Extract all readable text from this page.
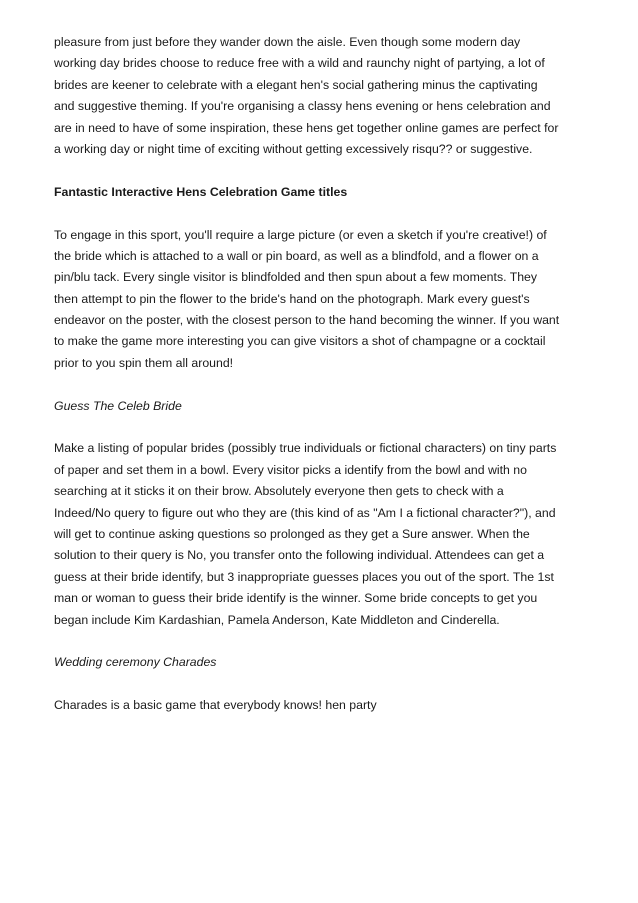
pleasure from just before they wander down the aisle. Even though some modern day
working day brides choose to reduce free with a wild and raunchy night of partying, a lot of
brides are keener to celebrate with a elegant hen's social gathering minus the captivating
and suggestive theming. If you're organising a classy hens evening or hens celebration and
are in need to have of some inspiration, these hens get together online games are perfect for
a working day or night time of exciting without getting excessively risqu?? or suggestive.
Fantastic Interactive Hens Celebration Game titles
To engage in this sport, you'll require a large picture (or even a sketch if you're creative!) of
the bride which is attached to a wall or pin board, as well as a blindfold, and a flower on a
pin/blu tack. Every single visitor is blindfolded and then spun about a few moments. They
then attempt to pin the flower to the bride's hand on the photograph. Mark every guest's
endeavor on the poster, with the closest person to the hand becoming the winner. If you want
to make the game more interesting you can give visitors a shot of champagne or a cocktail
prior to you spin them all around!
Guess The Celeb Bride
Make a listing of popular brides (possibly true individuals or fictional characters) on tiny parts
of paper and set them in a bowl. Every visitor picks a identify from the bowl and with no
searching at it sticks it on their brow. Absolutely everyone then gets to check with a
Indeed/No query to figure out who they are (this kind of as "Am I a fictional character?"), and
will get to continue asking questions so prolonged as they get a Sure answer. When the
solution to their query is No, you transfer onto the following individual. Attendees can get a
guess at their bride identify, but 3 inappropriate guesses places you out of the sport. The 1st
man or woman to guess their bride identify is the winner. Some bride concepts to get you
began include Kim Kardashian, Pamela Anderson, Kate Middleton and Cinderella.
Wedding ceremony Charades
Charades is a basic game that everybody knows! hen party
